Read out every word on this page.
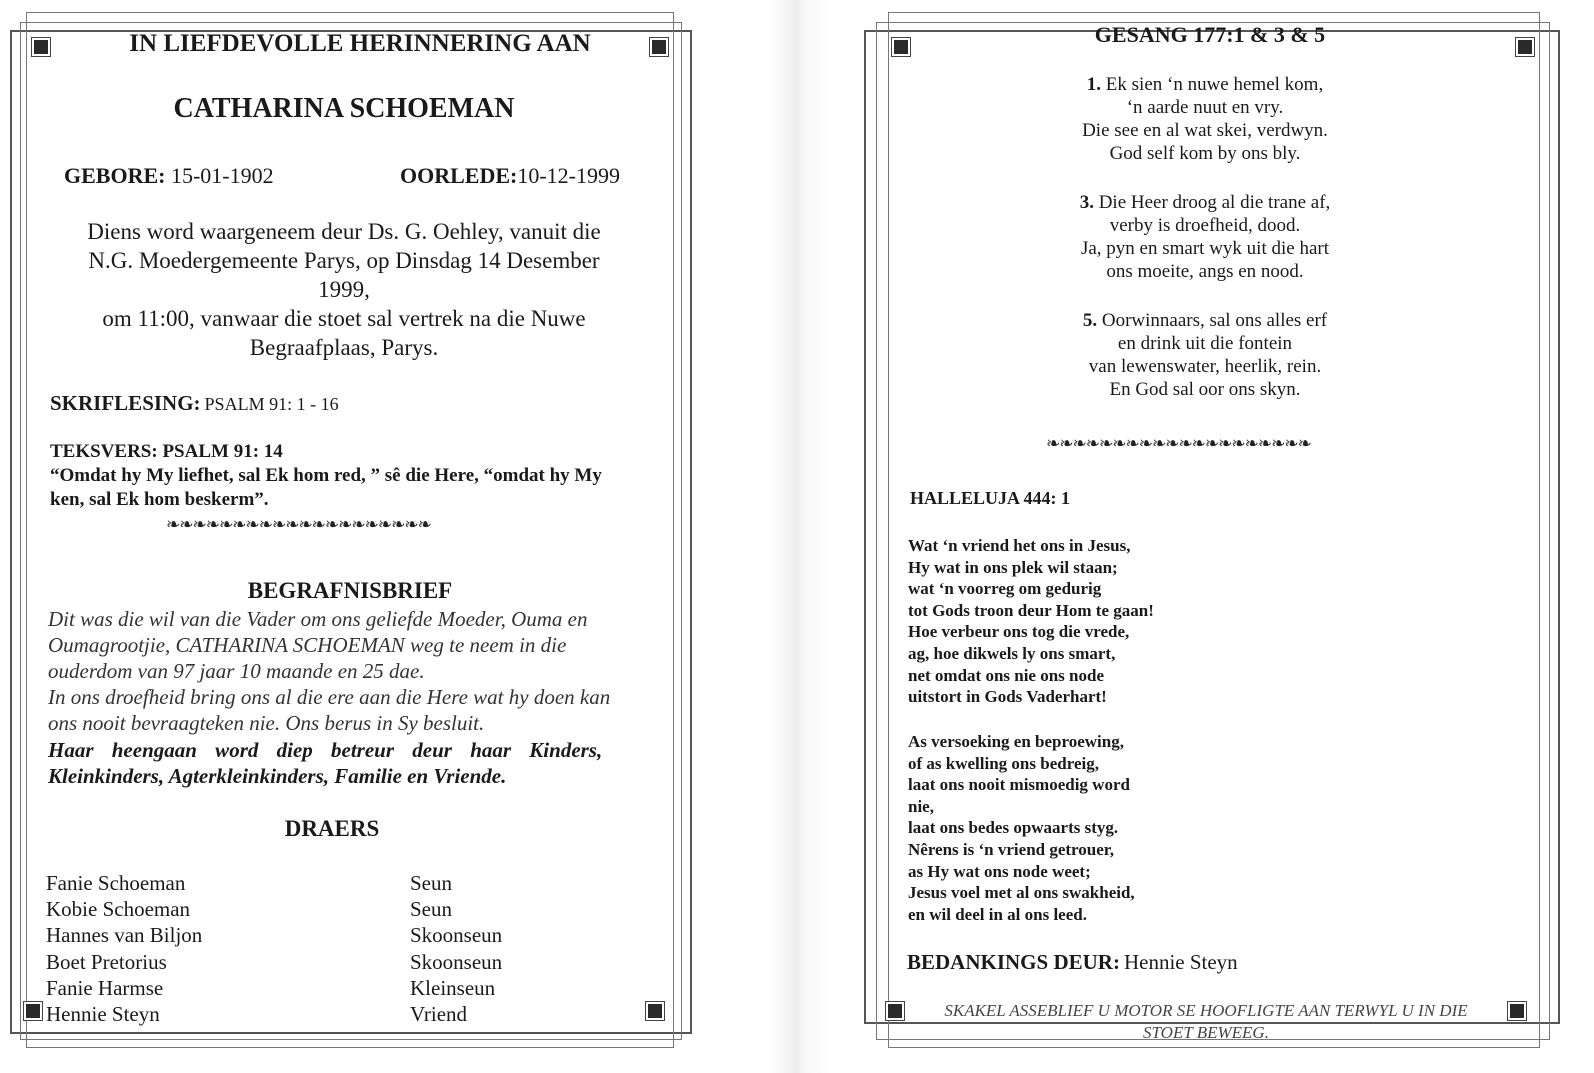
IN LIEFDEVOLLE HERINNERING AAN
CATHARINA SCHOEMAN
GEBORE: 15-01-1902	OORLEDE:10-12-1999
Diens word waargeneem deur Ds. G. Oehley, vanuit die
N.G. Moedergemeente Parys, op Dinsdag 14 Desember
1999,
om 11:00, vanwaar die stoet sal vertrek na die Nuwe
Begraafplaas, Parys.
SKRIFLESING: PSALM 91: 1 - 16
TEKSVERS: PSALM 91: 14
“Omdat hy My liefhet, sal Ek hom red, ” sê die Here, “omdat hy My
ken, sal Ek hom beskerm”.
❧❧❧❧❧❧❧❧❧❧❧❧❧❧❧❧❧❧❧❧
BEGRAFNISBRIEF
Dit was die wil van die Vader om ons geliefde Moeder, Ouma en
Oumagrootjie, CATHARINA SCHOEMAN weg te neem in die
ouderdom van 97 jaar 10 maande en 25 dae.
In ons droefheid bring ons al die ere aan die Here wat hy doen kan
ons nooit bevraagteken nie. Ons berus in Sy besluit.
Haar heengaan word diep betreur deur haar Kinders,
Kleinkinders, Agterkleinkinders, Familie en Vriende.
DRAERS
Fanie Schoeman
Kobie Schoeman
Hannes van Biljon
Boet Pretorius
Fanie Harmse
Hennie Steyn
Seun
Seun
Skoonseun
Skoonseun
Kleinseun
Vriend
GESANG 177:1 & 3 & 5
1. Ek sien ‘n nuwe hemel kom,
‘n aarde nuut en vry.
Die see en al wat skei, verdwyn.
God self kom by ons bly.
3. Die Heer droog al die trane af,
verby is droefheid, dood.
Ja, pyn en smart wyk uit die hart
ons moeite, angs en nood.
5. Oorwinnaars, sal ons alles erf
en drink uit die fontein
van lewenswater, heerlik, rein.
En God sal oor ons skyn.
❧❧❧❧❧❧❧❧❧❧❧❧❧❧❧❧❧❧❧❧
HALLELUJA 444: 1
Wat ‘n vriend het ons in Jesus,
Hy wat in ons plek wil staan;
wat ‘n voorreg om gedurig
tot Gods troon deur Hom te gaan!
Hoe verbeur ons tog die vrede,
ag, hoe dikwels ly ons smart,
net omdat ons nie ons node
uitstort in Gods Vaderhart!
As versoeking en beproewing,
of as kwelling ons bedreig,
laat ons nooit mismoedig word
nie,
laat ons bedes opwaarts styg.
Nêrens is ‘n vriend getrouer,
as Hy wat ons node weet;
Jesus voel met al ons swakheid,
en wil deel in al ons leed.
BEDANKINGS DEUR: Hennie Steyn
SKAKEL ASSEBLIEF U MOTOR SE HOOFLIGTE AAN TERWYL U IN DIE
STOET BEWEEG.
